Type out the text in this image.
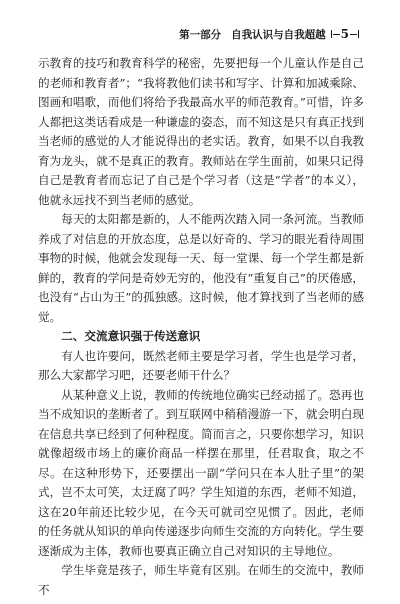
第一部分 自我认识与自我超越 5

示教育的技巧和教育科学的秘密，先要把每一个儿童认作是自己的老师和教育者”；“我将教他们读书和写字、计算和加减乘除、图画和唱歌，而他们将给予我最高水平的师范教育。”可惜，许多人都把这类话看成是一种谦虚的姿态，而不知这是只有真正找到当老师的感觉的人才能说得出的老实话。教育，如果不以自我教育为龙头，就不是真正的教育。教师站在学生面前，如果只记得自己是教育者而忘记了自己是个学习者（这是“学者”的本义），他就永远找不到当老师的感觉。

每天的太阳都是新的，人不能两次踏入同一条河流。当教师养成了对信息的开放态度，总是以好奇的、学习的眼光看待周围事物的时候，他就会发现每一天、每一堂课、每一个学生都是新鲜的，教育的学问是奇妙无穷的，他没有“重复自己”的厌倦感，也没有“占山为王”的孤独感。这时候，他才算找到了当老师的感觉。

二、交流意识强于传送意识

有人也许要问，既然老师主要是学习者，学生也是学习者，那么大家都学习吧，还要老师干什么？

从某种意义上说，教师的传统地位确实已经动摇了。恐再也当不成知识的垄断者了。到互联网中稍稍漫游一下，就会明白现在信息共享已经到了何种程度。简而言之，只要你想学习，知识就像超级市场上的廉价商品一样摆在那里，任君取食，取之不尽。在这种形势下，还要摆出一副“学问只在本人肚子里”的架式，岂不太可笑，太迂腐了吗？学生知道的东西，老师不知道，这在20年前还比较少见，在今天可就司空见惯了。因此，老师的任务就从知识的单向传递逐步向师生交流的方向转化。学生要逐渐成为主体，教师也要真正确立自己对知识的主导地位。

学生毕竟是孩子，师生毕竟有区别。在师生的交流中，教师不
